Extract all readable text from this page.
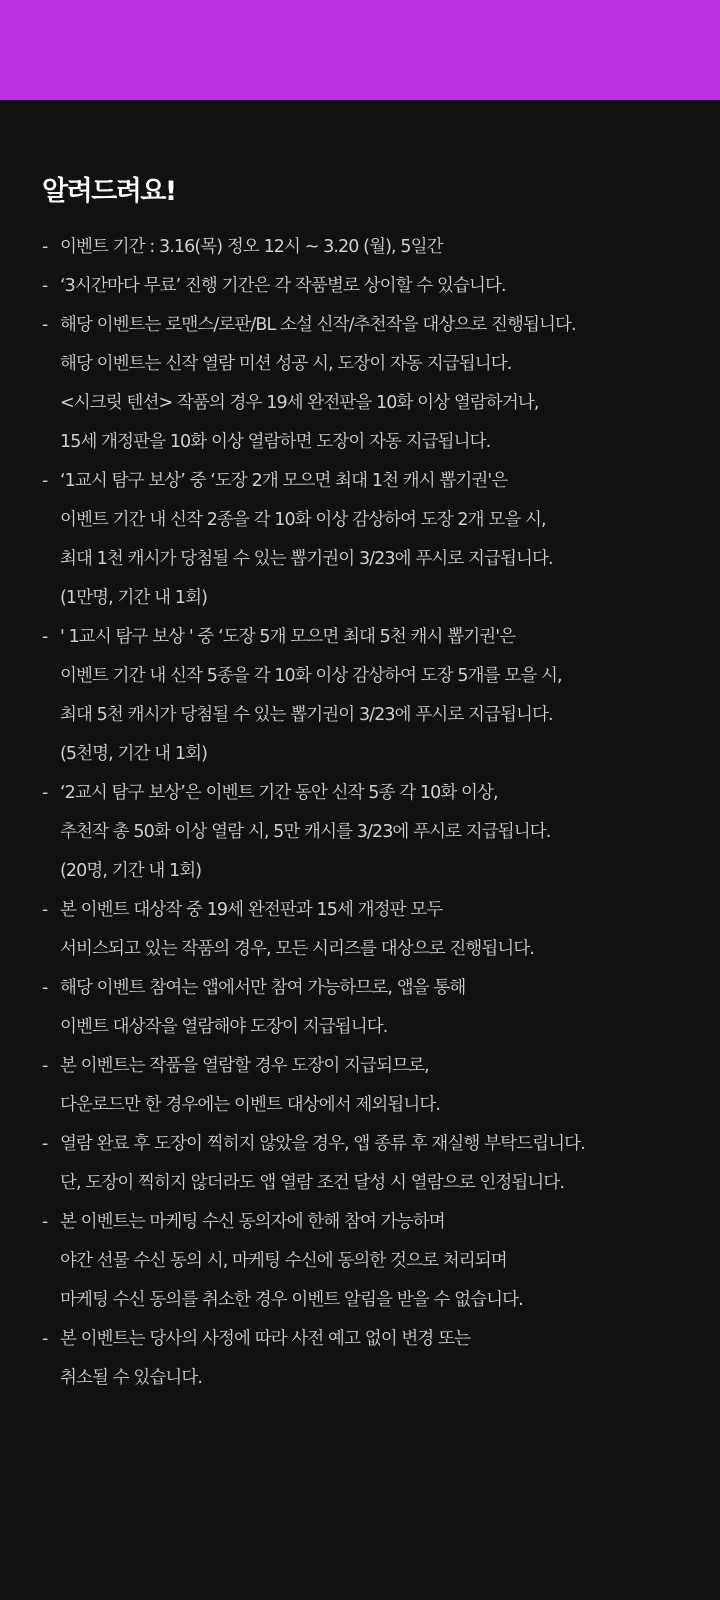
알려드려요!
- 이벤트 기간 : 3.16(목) 정오 12시 ~ 3.20 (월), 5일간
- ‘3시간마다 무료’ 진행 기간은 각 작품별로 상이할 수 있습니다.
- 해당 이벤트는 로맨스/로판/BL 소설 신작/추천작을 대상으로 진행됩니다.
해당 이벤트는 신작 열람 미션 성공 시, 도장이 자동 지급됩니다.
<시크릿 텐션> 작품의 경우 19세 완전판을 10화 이상 열람하거나,
15세 개정판을 10화 이상 열람하면 도장이 자동 지급됩니다.
- ‘1교시 탐구 보상’ 중 ‘도장 2개 모으면 최대 1천 캐시 뽑기권'은
이벤트 기간 내 신작 2종을 각 10화 이상 감상하여 도장 2개 모을 시,
최대 1천 캐시가 당첨될 수 있는 뽑기권이 3/23에 푸시로 지급됩니다.
(1만명, 기간 내 1회)
- ' 1교시 탐구 보상 ' 중 ‘도장 5개 모으면 최대 5천 캐시 뽑기권'은
이벤트 기간 내 신작 5종을 각 10화 이상 감상하여 도장 5개를 모을 시,
최대 5천 캐시가 당첨될 수 있는 뽑기권이 3/23에 푸시로 지급됩니다.
(5천명, 기간 내 1회)
- ‘2교시 탐구 보상’은 이벤트 기간 동안 신작 5종 각 10화 이상,
추천작 총 50화 이상 열람 시, 5만 캐시를 3/23에 푸시로 지급됩니다.
(20명, 기간 내 1회)
- 본 이벤트 대상작 중 19세 완전판과 15세 개정판 모두
서비스되고 있는 작품의 경우, 모든 시리즈를 대상으로 진행됩니다.
- 해당 이벤트 참여는 앱에서만 참여 가능하므로, 앱을 통해
이벤트 대상작을 열람해야 도장이 지급됩니다.
- 본 이벤트는 작품을 열람할 경우 도장이 지급되므로,
다운로드만 한 경우에는 이벤트 대상에서 제외됩니다.
- 열람 완료 후 도장이 찍히지 않았을 경우, 앱 종류 후 재실행 부탁드립니다.
단, 도장이 찍히지 않더라도 앱 열람 조건 달성 시 열람으로 인정됩니다.
- 본 이벤트는 마케팅 수신 동의자에 한해 참여 가능하며
야간 선물 수신 동의 시, 마케팅 수신에 동의한 것으로 처리되며
마케팅 수신 동의를 취소한 경우 이벤트 알림을 받을 수 없습니다.
- 본 이벤트는 당사의 사정에 따라 사전 예고 없이 변경 또는
취소될 수 있습니다.
